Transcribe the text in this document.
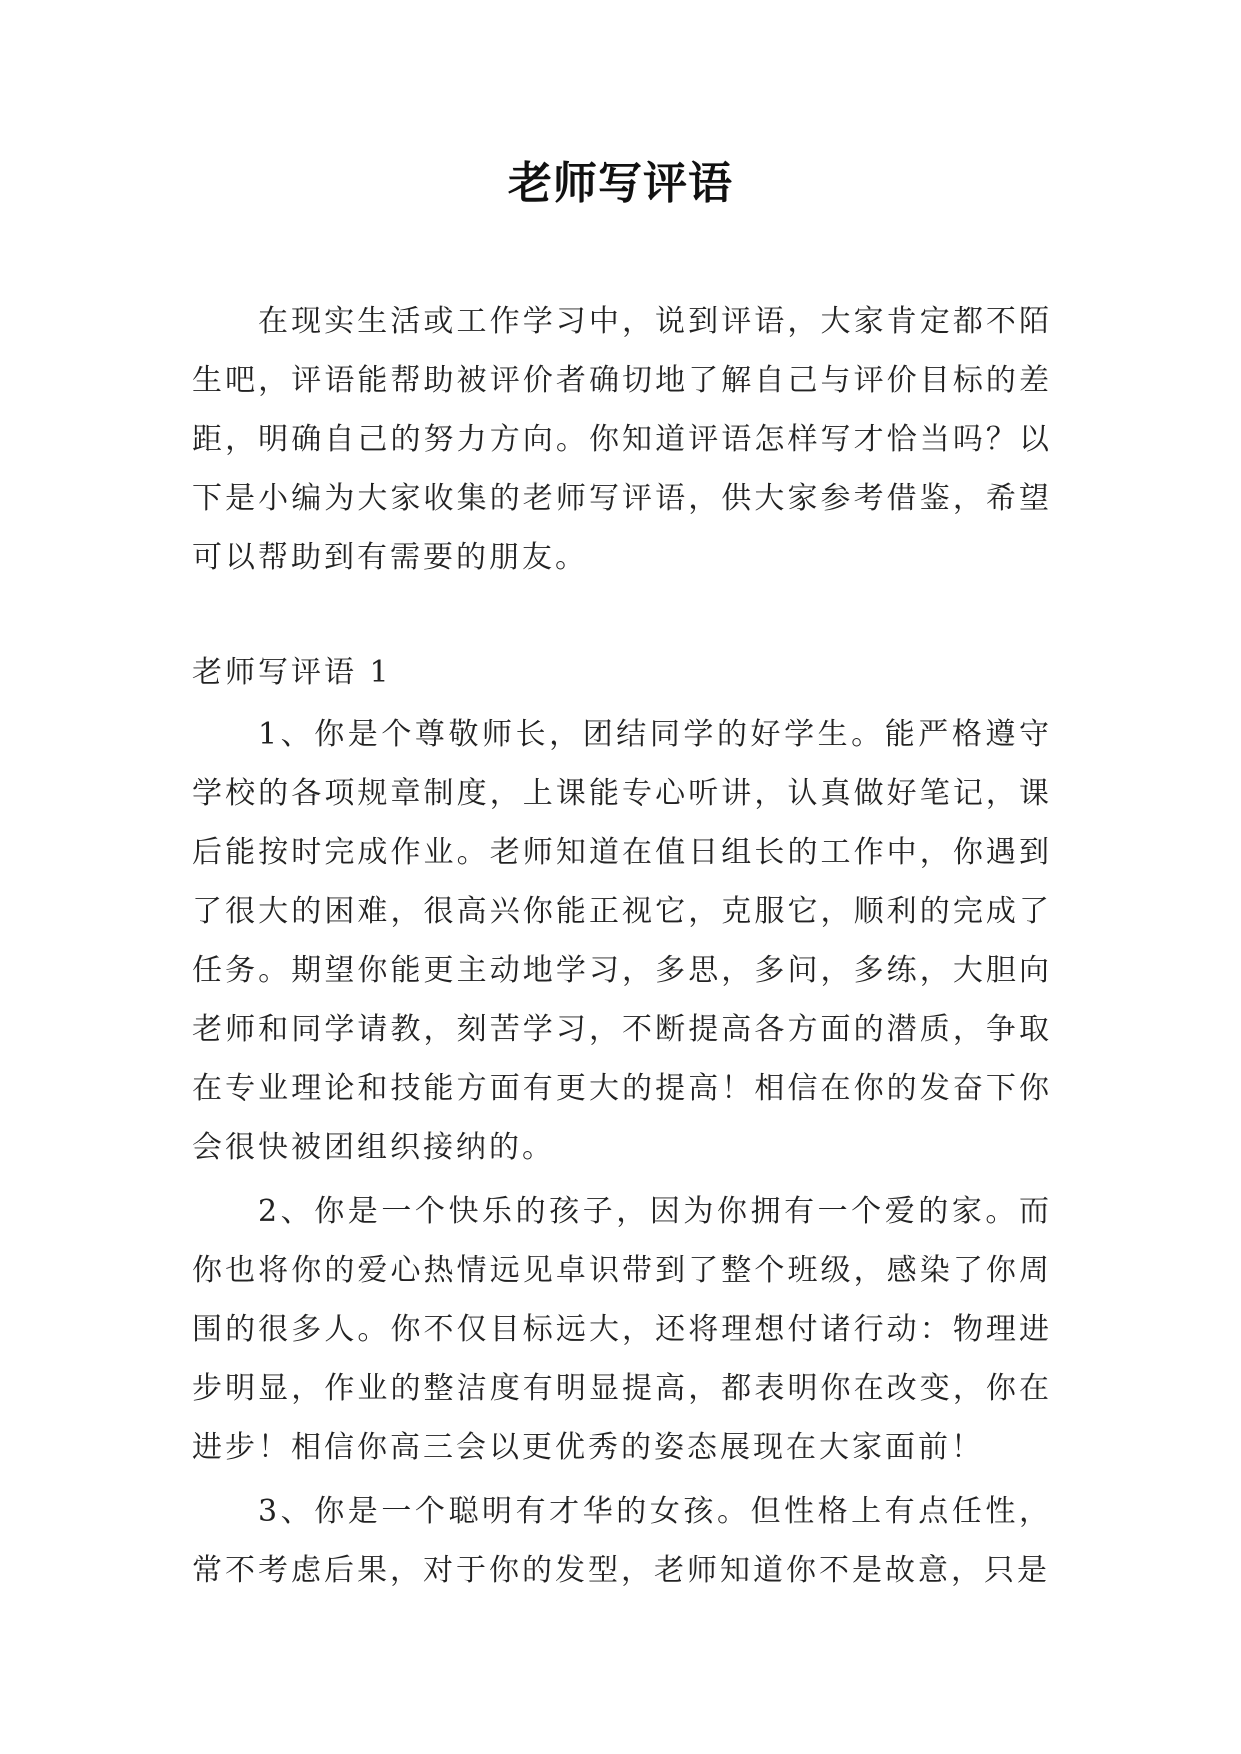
老师写评语

在现实生活或工作学习中，说到评语，大家肯定都不陌生吧，评语能帮助被评价者确切地了解自己与评价目标的差距，明确自己的努力方向。你知道评语怎样写才恰当吗？以下是小编为大家收集的老师写评语，供大家参考借鉴，希望可以帮助到有需要的朋友。

老师写评语 1

1、你是个尊敬师长，团结同学的好学生。能严格遵守学校的各项规章制度，上课能专心听讲，认真做好笔记，课后能按时完成作业。老师知道在值日组长的工作中，你遇到了很大的困难，很高兴你能正视它，克服它，顺利的完成了任务。期望你能更主动地学习，多思，多问，多练，大胆向老师和同学请教，刻苦学习，不断提高各方面的潜质，争取在专业理论和技能方面有更大的提高！相信在你的发奋下你会很快被团组织接纳的。

2、你是一个快乐的孩子，因为你拥有一个爱的家。而你也将你的爱心热情远见卓识带到了整个班级，感染了你周围的很多人。你不仅目标远大，还将理想付诸行动：物理进步明显，作业的整洁度有明显提高，都表明你在改变，你在进步！相信你高三会以更优秀的姿态展现在大家面前！

3、你是一个聪明有才华的女孩。但性格上有点任性，常不考虑后果，对于你的发型，老师知道你不是故意，只是
